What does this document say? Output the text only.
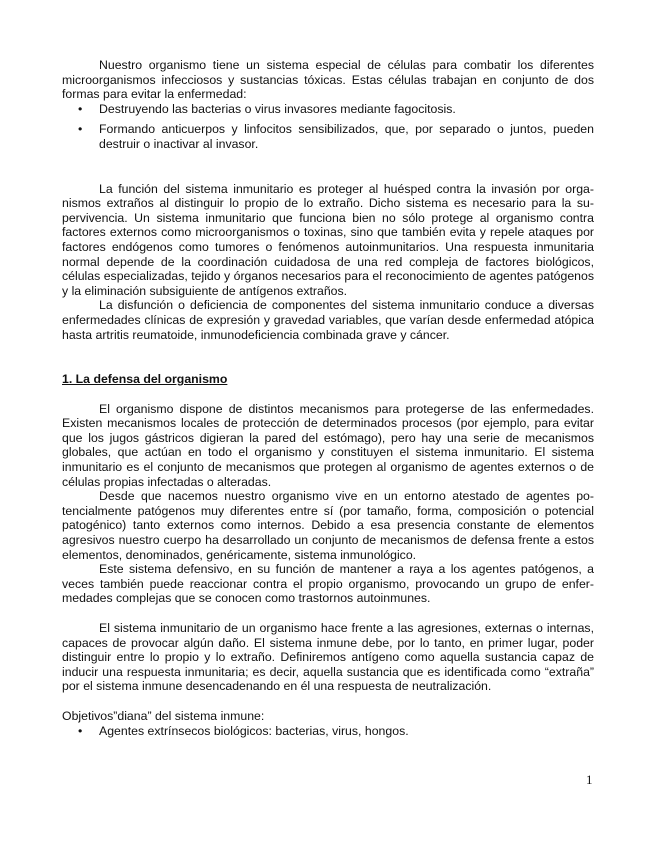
Nuestro organismo tiene un sistema especial de células para combatir los diferentes microorganismos infecciosos y sustancias tóxicas. Estas células trabajan en conjunto de dos formas para evitar la enfermedad:

• Destruyendo las bacterias o virus invasores mediante fagocitosis.
• Formando anticuerpos y linfocitos sensibilizados, que, por separado o juntos, pueden destruir o inactivar al invasor.

La función del sistema inmunitario es proteger al huésped contra la invasión por organismos extraños al distinguir lo propio de lo extraño. Dicho sistema es necesario para la supervivencia. Un sistema inmunitario que funciona bien no sólo protege al organismo contra factores externos como microorganismos o toxinas, sino que también evita y repele ataques por factores endógenos como tumores o fenómenos autoinmunitarios. Una respuesta inmunitaria normal depende de la coordinación cuidadosa de una red compleja de factores biológicos, células especializadas, tejido y órganos necesarios para el reconocimiento de agentes patógenos y la eliminación subsiguiente de antígenos extraños.

La disfunción o deficiencia de componentes del sistema inmunitario conduce a diversas enfermedades clínicas de expresión y gravedad variables, que varían desde enfermedad atópica hasta artritis reumatoide, inmunodeficiencia combinada grave y cáncer.

1. La defensa del organismo

El organismo dispone de distintos mecanismos para protegerse de las enfermedades. Existen mecanismos locales de protección de determinados procesos (por ejemplo, para evitar que los jugos gástricos digieran la pared del estómago), pero hay una serie de mecanismos globales, que actúan en todo el organismo y constituyen el sistema inmunitario. El sistema inmunitario es el conjunto de mecanismos que protegen al organismo de agentes externos o de células propias infectadas o alteradas.

Desde que nacemos nuestro organismo vive en un entorno atestado de agentes potencialmente patógenos muy diferentes entre sí (por tamaño, forma, composición o potencial patogénico) tanto externos como internos. Debido a esa presencia constante de elementos agresivos nuestro cuerpo ha desarrollado un conjunto de mecanismos de defensa frente a estos elementos, denominados, genéricamente, sistema inmunológico.

Este sistema defensivo, en su función de mantener a raya a los agentes patógenos, a veces también puede reaccionar contra el propio organismo, provocando un grupo de enfermedades complejas que se conocen como trastornos autoinmunes.

El sistema inmunitario de un organismo hace frente a las agresiones, externas o internas, capaces de provocar algún daño. El sistema inmune debe, por lo tanto, en primer lugar, poder distinguir entre lo propio y lo extraño. Definiremos antígeno como aquella sustancia capaz de inducir una respuesta inmunitaria; es decir, aquella sustancia que es identificada como “extraña” por el sistema inmune desencadenando en él una respuesta de neutralización.

Objetivos”diana” del sistema inmune:

• Agentes extrínsecos biológicos: bacterias, virus, hongos.
1
